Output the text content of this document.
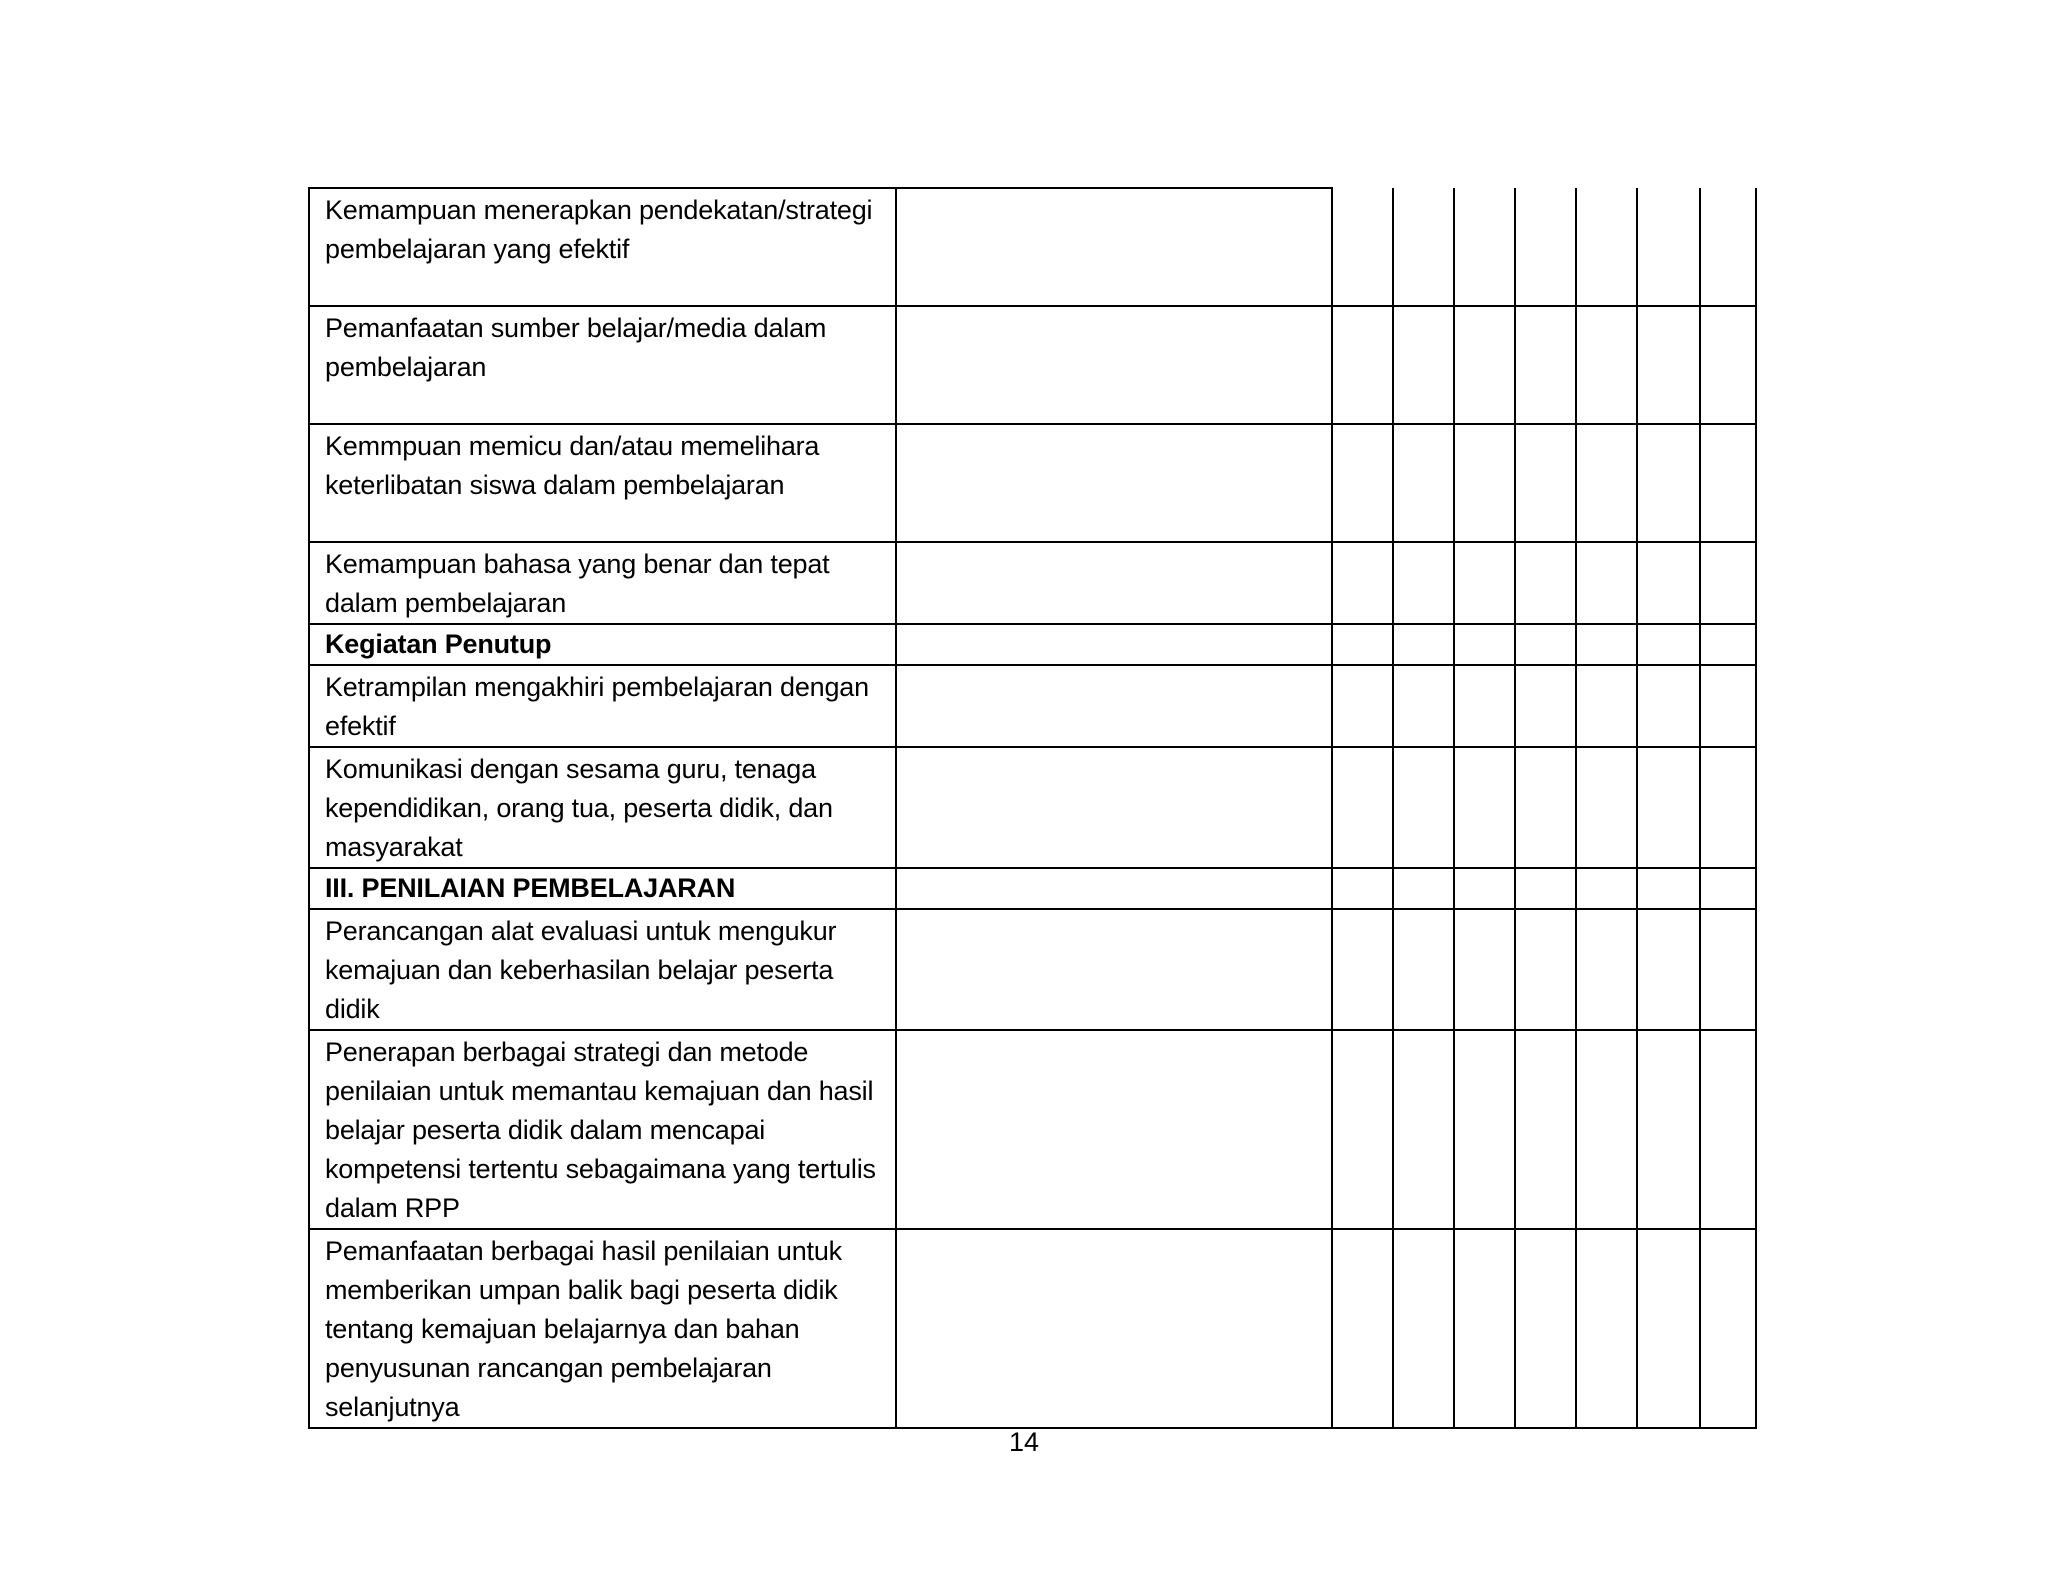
Kemampuan menerapkan pendekatan/strategi pembelajaran yang efektif								
Pemanfaatan sumber belajar/media dalam pembelajaran								
Kemmpuan memicu dan/atau memelihara keterlibatan siswa dalam pembelajaran								
Kemampuan bahasa yang benar dan tepat dalam pembelajaran								
Kegiatan Penutup								
Ketrampilan mengakhiri pembelajaran dengan efektif								
Komunikasi dengan sesama guru, tenaga kependidikan, orang tua, peserta didik, dan masyarakat								
III. PENILAIAN PEMBELAJARAN								
Perancangan alat evaluasi untuk mengukur kemajuan dan keberhasilan belajar peserta didik								
Penerapan berbagai strategi dan metode penilaian untuk memantau kemajuan dan hasil belajar peserta didik dalam mencapai kompetensi tertentu sebagaimana yang tertulis dalam RPP								
Pemanfaatan berbagai hasil penilaian untuk memberikan umpan balik bagi peserta didik tentang kemajuan belajarnya dan bahan penyusunan rancangan pembelajaran selanjutnya								
14
